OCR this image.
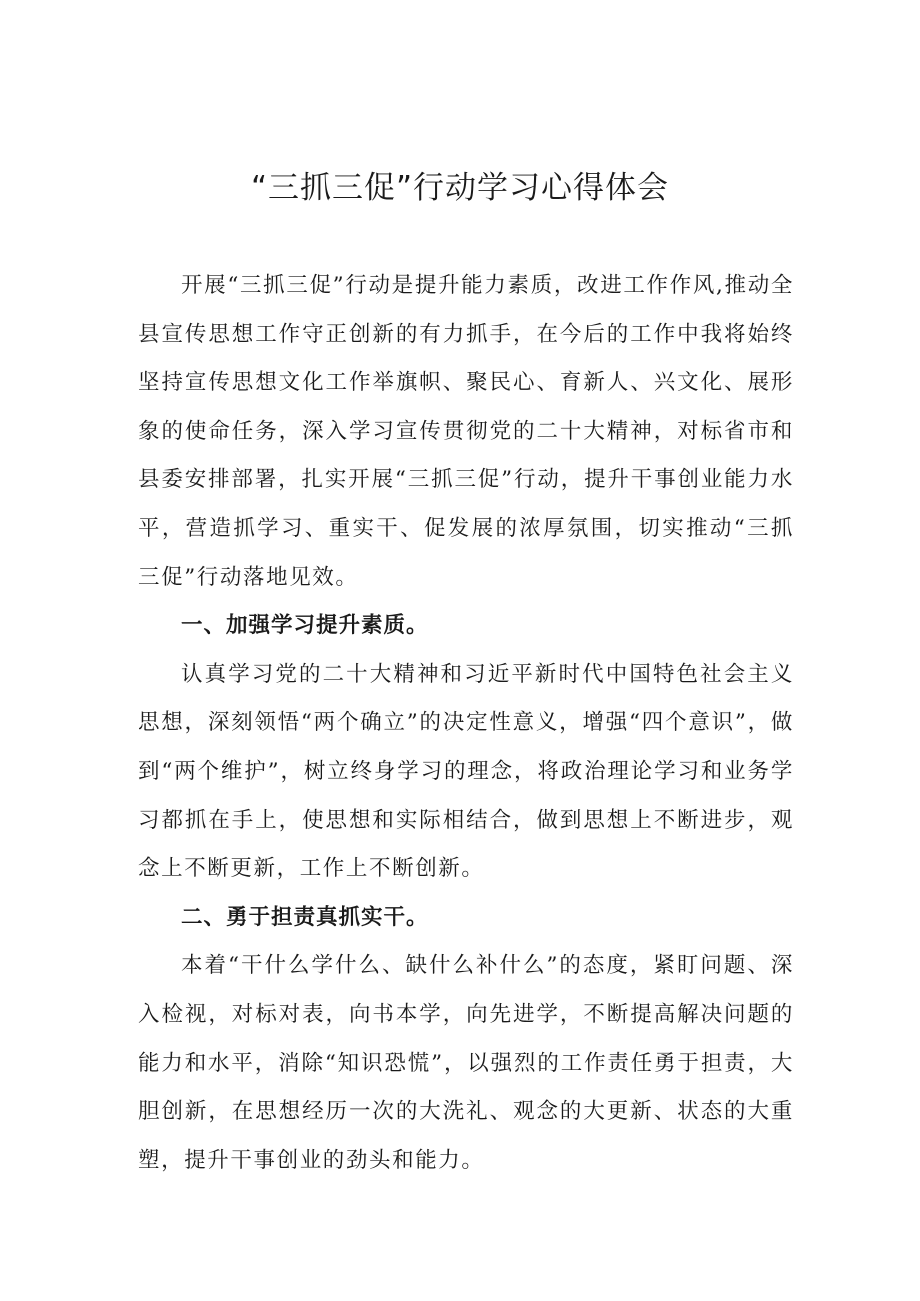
“三抓三促”行动学习心得体会

开展“三抓三促”行动是提升能力素质，改进工作作风,推动全县宣传思想工作守正创新的有力抓手，在今后的工作中我将始终坚持宣传思想文化工作举旗帜、聚民心、育新人、兴文化、展形象的使命任务，深入学习宣传贯彻党的二十大精神，对标省市和县委安排部署，扎实开展“三抓三促”行动，提升干事创业能力水平，营造抓学习、重实干、促发展的浓厚氛围，切实推动“三抓三促”行动落地见效。

一、加强学习提升素质。

认真学习党的二十大精神和习近平新时代中国特色社会主义思想，深刻领悟“两个确立”的决定性意义，增强“四个意识”，做到“两个维护”，树立终身学习的理念，将政治理论学习和业务学习都抓在手上，使思想和实际相结合，做到思想上不断进步，观念上不断更新，工作上不断创新。

二、勇于担责真抓实干。

本着“干什么学什么、缺什么补什么”的态度，紧盯问题、深入检视，对标对表，向书本学，向先进学，不断提高解决问题的能力和水平，消除“知识恐慌”，以强烈的工作责任勇于担责，大胆创新，在思想经历一次的大洗礼、观念的大更新、状态的大重塑，提升干事创业的劲头和能力。
